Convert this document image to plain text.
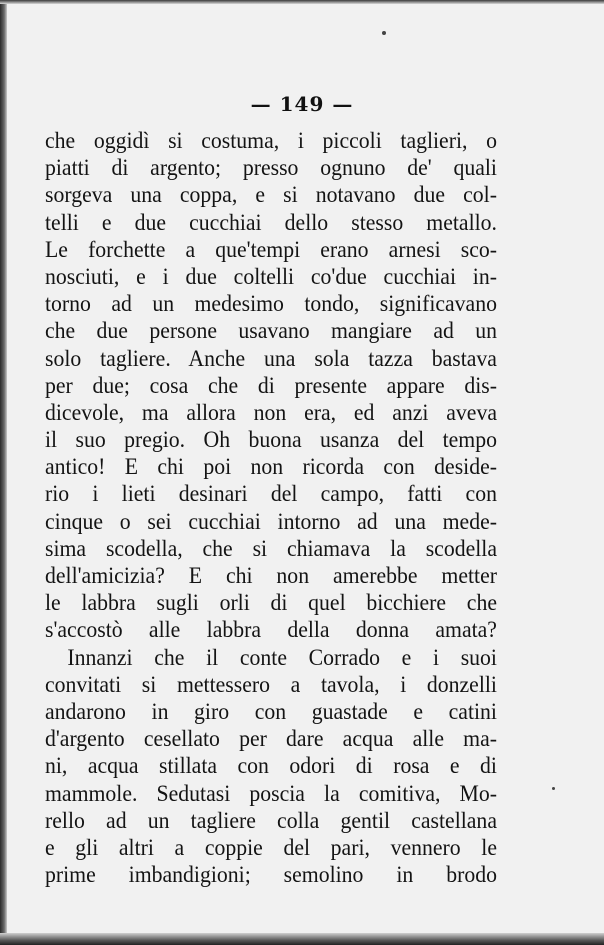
— 149 —
che oggidì si costuma, i piccoli taglieri, o
piatti di argento; presso ognuno de' quali
sorgeva una coppa, e si notavano due col-
telli e due cucchiai dello stesso metallo.
Le forchette a que'tempi erano arnesi sco-
nosciuti, e i due coltelli co'due cucchiai in-
torno ad un medesimo tondo, significavano
che due persone usavano mangiare ad un
solo tagliere. Anche una sola tazza bastava
per due; cosa che di presente appare dis-
dicevole, ma allora non era, ed anzi aveva
il suo pregio. Oh buona usanza del tempo
antico! E chi poi non ricorda con deside-
rio i lieti desinari del campo, fatti con
cinque o sei cucchiai intorno ad una mede-
sima scodella, che si chiamava la scodella
dell'amicizia? E chi non amerebbe metter
le labbra sugli orli di quel bicchiere che
s'accostò alle labbra della donna amata?
Innanzi che il conte Corrado e i suoi
convitati si mettessero a tavola, i donzelli
andarono in giro con guastade e catini
d'argento cesellato per dare acqua alle ma-
ni, acqua stillata con odori di rosa e di
mammole. Sedutasi poscia la comitiva, Mo-
rello ad un tagliere colla gentil castellana
e gli altri a coppie del pari, vennero le
prime imbandigioni; semolino in brodo
